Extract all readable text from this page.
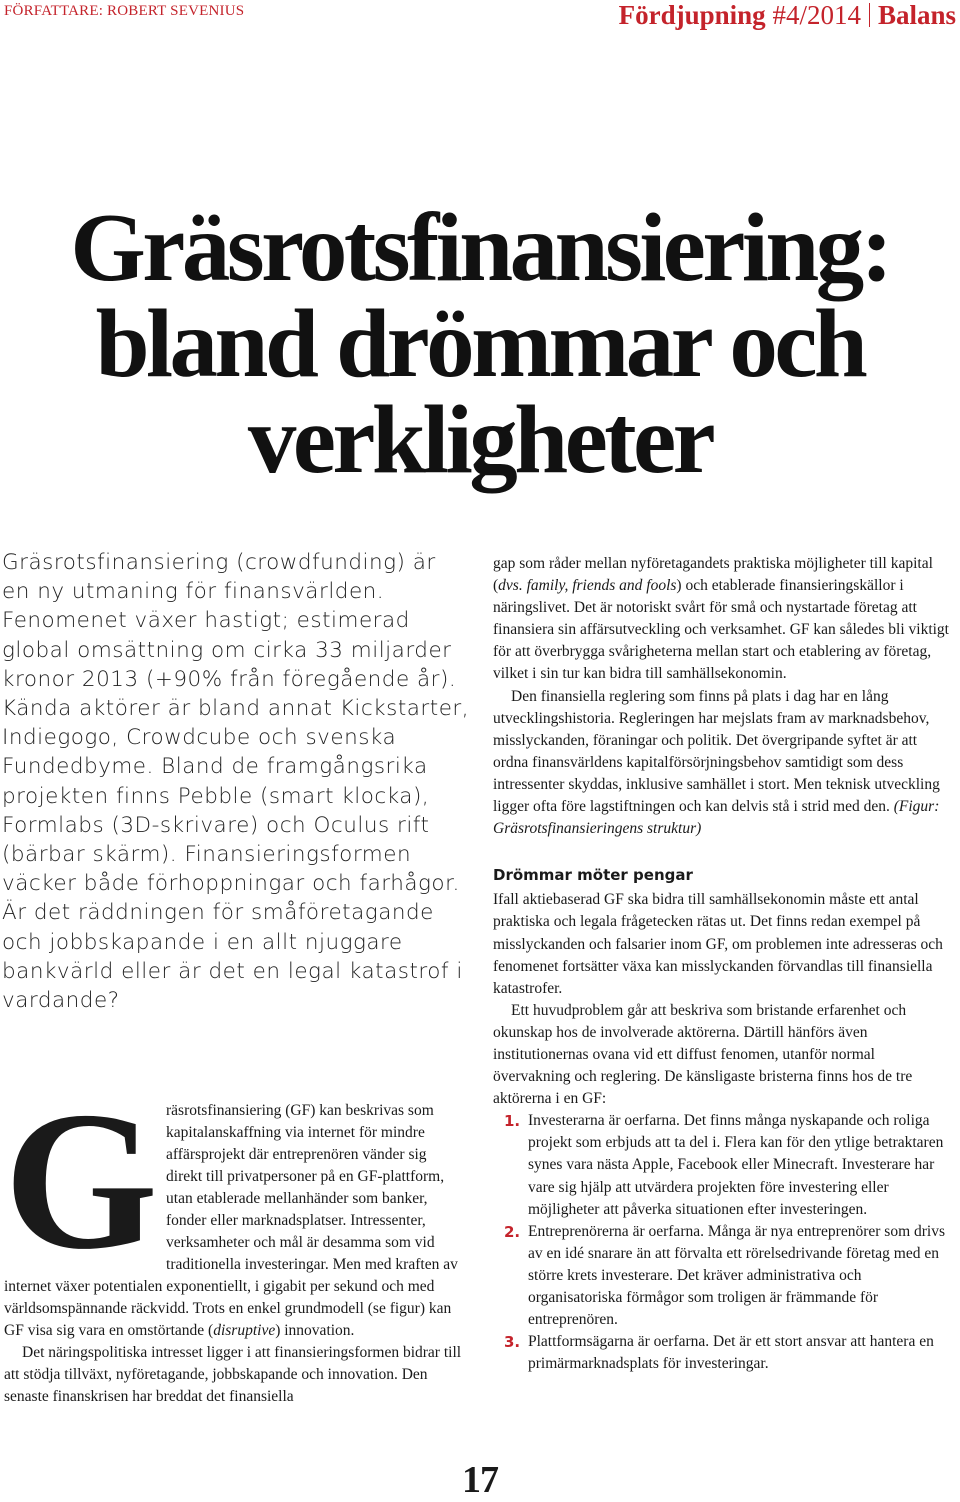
FÖRFATTARE: ROBERT SEVENIUS	Fördjupning #4/2014 Balans
Gräsrotsfinansiering:
bland drömmar och
verkligheter
Gräsrotsfinansiering (crowdfunding) är en ny utmaning för finansvärlden. Fenomenet växer hastigt; estimerad global omsättning om cirka 33 miljarder kronor 2013 (+90% från föregående år). Kända aktörer är bland annat Kickstarter, Indiegogo, Crowdcube och svenska Fundedbyme. Bland de framgångsrika projekten finns Pebble (smart klocka), Formlabs (3D-skrivare) och Oculus rift (bärbar skärm). Finansieringsformen väcker både förhoppningar och farhågor. Är det räddningen för småföretagande och jobbskapande i en allt njuggare bankvärld eller är det en legal katastrof i vardande?

Gräsrotsfinansiering (GF) kan beskrivas som kapitalanskaffning via internet för mindre affärsprojekt där entreprenören vänder sig direkt till privatpersoner på en GF-plattform, utan etablerade mellanhänder som banker, fonder eller marknadsplatser. Intressenter, verksamheter och mål är desamma som vid traditionella investeringar. Men med kraften av internet växer potentialen exponentiellt, i gigabit per sekund och med världsomspännande räckvidd. Trots en enkel grundmodell (se figur) kan GF visa sig vara en omstörtande (disruptive) innovation.

Det näringspolitiska intresset ligger i att finansieringsformen bidrar till att stödja tillväxt, nyföretagande, jobbskapande och innovation. Den senaste finanskrisen har breddat det finansiella

gap som råder mellan nyföretagandets praktiska möjligheter till kapital (dvs. family, friends and fools) och etablerade finansieringskällor i näringslivet. Det är notoriskt svårt för små och nystartade företag att finansiera sin affärsutveckling och verksamhet. GF kan således bli viktigt för att överbrygga svårigheterna mellan start och etablering av företag, vilket i sin tur kan bidra till samhällsekonomin.

Den finansiella reglering som finns på plats i dag har en lång utvecklingshistoria. Regleringen har mejslats fram av marknadsbehov, misslyckanden, föraningar och politik. Det övergripande syftet är att ordna finansvärldens kapitalförsörjningsbehov samtidigt som dess intressenter skyddas, inklusive samhället i stort. Men teknisk utveckling ligger ofta före lagstiftningen och kan delvis stå i strid med den. (Figur: Gräsrotsfinansieringens struktur)

Drömmar möter pengar

Ifall aktiebaserad GF ska bidra till samhällsekonomin måste ett antal praktiska och legala frågetecken rätas ut. Det finns redan exempel på misslyckanden och falsarier inom GF, om problemen inte adresseras och fenomenet fortsätter växa kan misslyckanden förvandlas till finansiella katastrofer.

Ett huvudproblem går att beskriva som bristande erfarenhet och okunskap hos de involverade aktörerna. Därtill hänförs även institutionernas ovana vid ett diffust fenomen, utanför normal övervakning och reglering. De känsligaste bristerna finns hos de tre aktörerna i en GF:

1. Investerarna är oerfarna. Det finns många nyskapande och roliga projekt som erbjuds att ta del i. Flera kan för den ytlige betraktaren synes vara nästa Apple, Facebook eller Minecraft. Investerare har vare sig hjälp att utvärdera projekten före investering eller möjligheter att påverka situationen efter investeringen.
2. Entreprenörerna är oerfarna. Många är nya entreprenörer som drivs av en idé snarare än att förvalta ett rörelsedrivande företag med en större krets investerare. Det kräver administrativa och organisatoriska förmågor som troligen är främmande för entreprenören.
3. Plattformsägarna är oerfarna. Det är ett stort ansvar att hantera en primärmarknadsplats för investeringar.
17
